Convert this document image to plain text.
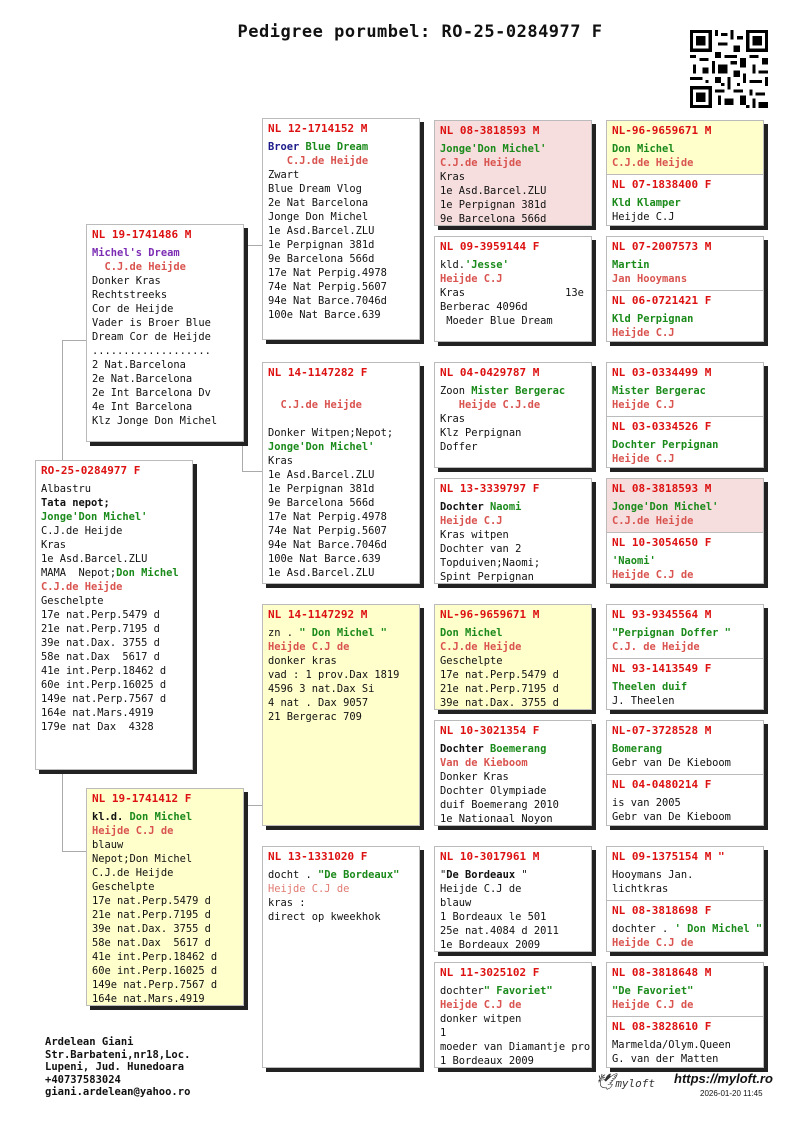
Pedigree porumbel: RO-25-0284977 F
RO-25-0284977 F
Albastru
Tata nepot;
Jonge'Don Michel'
C.J.de Heijde
Kras
1e Asd.Barcel.ZLU
MAMA  Nepot;Don Michel
C.J.de Heijde
Geschelpte
17e nat.Perp.5479 d
21e nat.Perp.7195 d
39e nat.Dax. 3755 d
58e nat.Dax  5617 d
41e int.Perp.18462 d
60e int.Perp.16025 d
149e nat.Perp.7567 d
164e nat.Mars.4919
179e nat Dax  4328
NL 19-1741486 M
Michel's Dream
C.J.de Heijde
Donker Kras
Rechtstreeks
Cor de Heijde
Vader is Broer Blue
Dream Cor de Heijde
...................
2 Nat.Barcelona
2e Nat.Barcelona
2e Int Barcelona Dv
4e Int Barcelona
Klz Jonge Don Michel
NL 19-1741412 F
kl.d. Don Michel
Heijde C.J de
blauw
Nepot;Don Michel
C.J.de Heijde
Geschelpte
17e nat.Perp.5479 d
21e nat.Perp.7195 d
39e nat.Dax. 3755 d
58e nat.Dax  5617 d
41e int.Perp.18462 d
60e int.Perp.16025 d
149e nat.Perp.7567 d
164e nat.Mars.4919
NL 12-1714152 M
Broer Blue Dream
C.J.de Heijde
Zwart
Blue Dream Vlog
2e Nat Barcelona
Jonge Don Michel
1e Asd.Barcel.ZLU
1e Perpignan 381d
9e Barcelona 566d
17e Nat Perpig.4978
74e Nat Perpig.5607
94e Nat Barce.7046d
100e Nat Barce.639
NL 14-1147282 F
C.J.de Heijde
Donker Witpen;Nepot;
Jonge'Don Michel'
Kras
1e Asd.Barcel.ZLU
1e Perpignan 381d
9e Barcelona 566d
17e Nat Perpig.4978
74e Nat Perpig.5607
94e Nat Barce.7046d
100e Nat Barce.639
1e Asd.Barcel.ZLU
NL 14-1147292 M
zn . " Don Michel "
Heijde C.J de
donker kras
vad : 1 prov.Dax 1819
4596 3 nat.Dax Si
4 nat . Dax 9057
21 Bergerac 709
NL 13-1331020 F
docht . "De Bordeaux"
Heijde C.J de
kras :
direct op kweekhok
NL 08-3818593 M
Jonge'Don Michel'
C.J.de Heijde
Kras
1e Asd.Barcel.ZLU
1e Perpignan 381d
9e Barcelona 566d
NL 09-3959144 F
kld.'Jesse'
Heijde C.J
Kras                13e
Berberac 4096d
Moeder Blue Dream
NL 04-0429787 M
Zoon Mister Bergerac
Heijde C.J.de
Kras
Klz Perpignan
Doffer
NL 13-3339797 F
Dochter Naomi
Heijde C.J
Kras witpen
Dochter van 2
Topduiven;Naomi;
Spint Perpignan
NL-96-9659671 M
Don Michel
C.J.de Heijde
Geschelpte
17e nat.Perp.5479 d
21e nat.Perp.7195 d
39e nat.Dax. 3755 d
NL 10-3021354 F
Dochter Boemerang
Van de Kieboom
Donker Kras
Dochter Olympiade
duif Boemerang 2010
1e Nationaal Noyon
NL 10-3017961 M
"De Bordeaux "
Heijde C.J de
blauw
1 Bordeaux le 501
25e nat.4084 d 2011
1e Bordeaux 2009
NL 11-3025102 F
dochter" Favoriet"
Heijde C.J de
donker witpen
1
moeder van Diamantje pro
1 Bordeaux 2009
NL-96-9659671 M
Don Michel
C.J.de Heijde
NL 07-1838400 F
Kld Klamper
Heijde C.J
NL 07-2007573 M
Martin
Jan Hooymans
NL 06-0721421 F
Kld Perpignan
Heijde C.J
NL 03-0334499 M
Mister Bergerac
Heijde C.J
NL 03-0334526 F
Dochter Perpignan
Heijde C.J
NL 08-3818593 M
Jonge'Don Michel'
C.J.de Heijde
NL 10-3054650 F
'Naomi'
Heijde C.J de
NL 93-9345564 M
"Perpignan Doffer "
C.J. de Heijde
NL 93-1413549 F
Theelen duif
J. Theelen
NL-07-3728528 M
Bomerang
Gebr van De Kieboom
NL 04-0480214 F
is van 2005
Gebr van De Kieboom
NL 09-1375154 M "
Hooymans Jan.
lichtkras
NL 08-3818698 F
dochter . ' Don Michel "
Heijde C.J de
NL 08-3818648 M
"De Favoriet"
Heijde C.J de
NL 08-3828610 F
Marmelda/Olym.Queen
G. van der Matten
Ardelean Giani
Str.Barbateni,nr18,Loc.
Lupeni, Jud. Hunedoara
+40737583024
giani.ardelean@yahoo.ro
🕊myloft https://myloft.ro
2026-01-20 11:45
